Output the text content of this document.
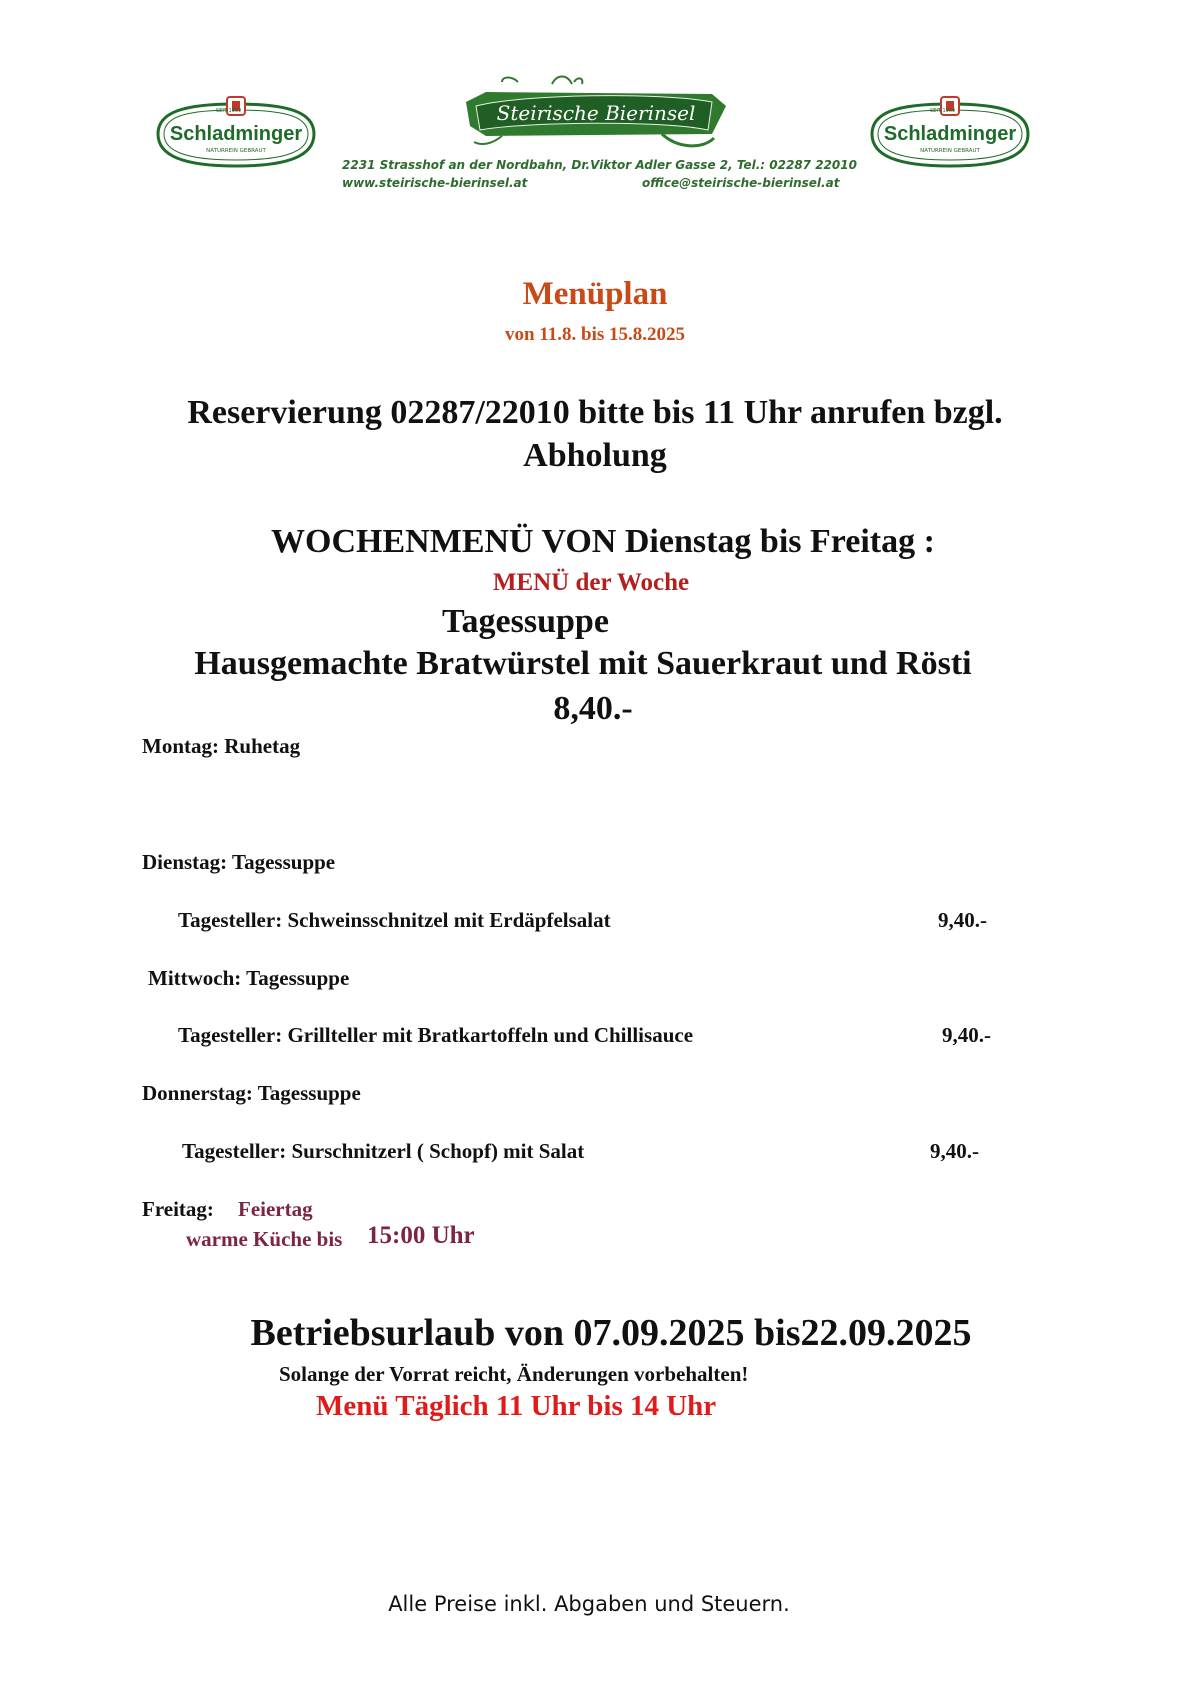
SEIT 1909
Schladminger
NATURREIN GEBRAUT
Steirische Bierinsel	SEIT 1909
Schladminger
NATURREIN GEBRAUT
2231 Strasshof an der Nordbahn, Dr.Viktor Adler Gasse 2, Tel.: 02287 22010
www.steirische-bierinsel.at	office@steirische-bierinsel.at
Menüplan
von 11.8. bis 15.8.2025
Reservierung 02287/22010 bitte bis 11 Uhr anrufen bzgl.
Abholung
WOCHENMENÜ VON Dienstag bis Freitag :
MENÜ der Woche
Tagessuppe
Hausgemachte Bratwürstel mit Sauerkraut und Rösti
8,40.-
Montag: Ruhetag
Dienstag: Tagessuppe
Tagesteller: Schweinsschnitzel mit Erdäpfelsalat	9,40.-
Mittwoch: Tagessuppe
Tagesteller: Grillteller mit Bratkartoffeln und Chillisauce	9,40.-
Donnerstag: Tagessuppe
Tagesteller: Surschnitzerl ( Schopf) mit Salat	9,40.-
Freitag: Feiertag
warme Küche bis 15:00 Uhr
Betriebsurlaub von 07.09.2025 bis22.09.2025
Solange der Vorrat reicht, Änderungen vorbehalten!
Menü Täglich 11 Uhr bis 14 Uhr
Alle Preise inkl. Abgaben und Steuern.
